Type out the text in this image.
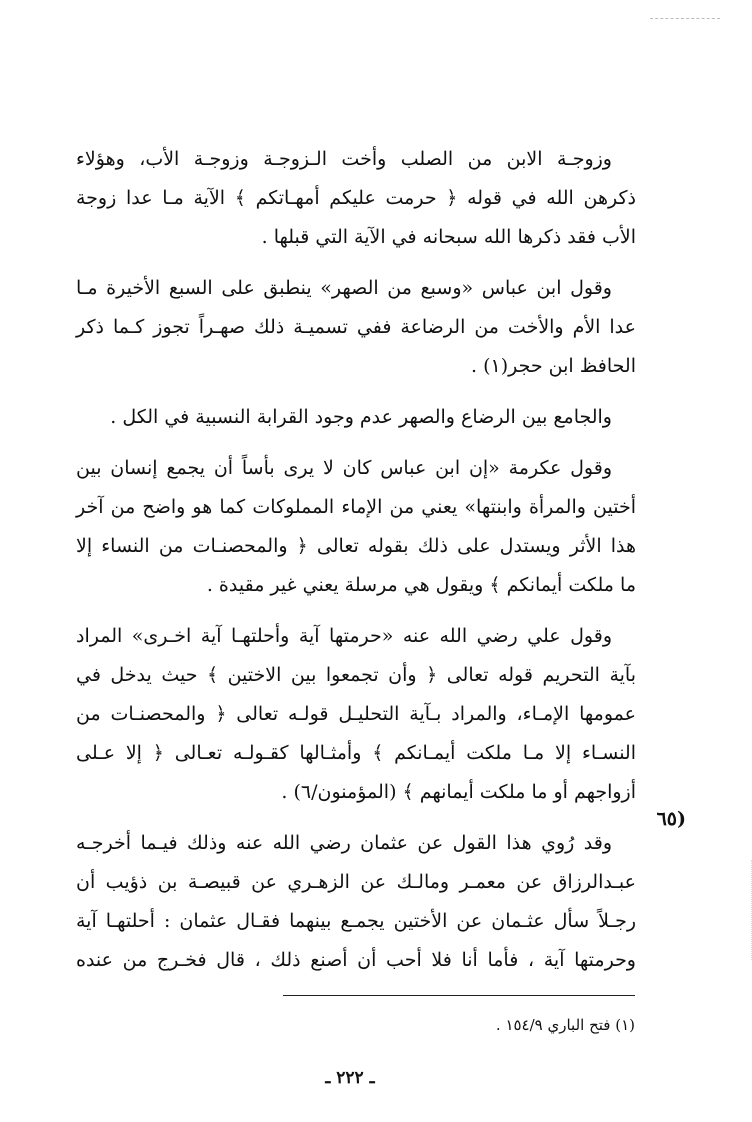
وزوجـة الابن من الصلب وأخت الـزوجـة وزوجـة الأب، وهؤلاء
ذكرهن الله في قوله ﴿ حرمت عليكم أمهـاتكم ﴾ الآية مـا عدا زوجة
الأب فقد ذكرها الله سبحانه في الآية التي قبلها .

وقول ابن عباس «وسبع من الصهر» ينطبق على السبع الأخيرة مـا
عدا الأم والأخت من الرضاعة ففي تسميـة ذلك صهـراً تجوز كـما ذكر
الحافظ ابن حجر(١) .

والجامع بين الرضاع والصهر عدم وجود القرابة النسبية في الكل .

وقول عكرمة «إن ابن عباس كان لا يرى بأساً أن يجمع إنسان بين
أختين والمرأة وابنتها» يعني من الإماء المملوكات كما هو واضح من آخر
هذا الأثر ويستدل على ذلك بقوله تعالى ﴿ والمحصنـات من النساء إلا
ما ملكت أيمانكم ﴾ ويقول هي مرسلة يعني غير مقيدة .

وقول علي رضي الله عنه «حرمتها آية وأحلتهـا آية اخـرى» المراد
بآية التحريم قوله تعالى ﴿ وأن تجمعوا بين الاختين ﴾ حيث يدخل في
عمومها الإمـاء، والمراد بـآية التحليـل قولـه تعالى ﴿ والمحصنـات من
النسـاء إلا مـا ملكت أيمـانكم ﴾ وأمثـالها كقـولـه تعـالى ﴿ إلا عـلى
أزواجهم أو ما ملكت أيمانهم ﴾ (المؤمنون/٦) .

وقد رُوي هذا القول عن عثمان رضي الله عنه وذلك فيـما أخرجـه
عبـدالرزاق عن معمـر ومالـك عن الزهـري عن قبيصـة بن ذؤيب أن
رجـلاً سأل عثـمان عن الأختين يجمـع بينهما فقـال عثمان : أحلتهـا آية
وحرمتها آية ، فأما أنا فلا أحب أن أصنع ذلك ، قال فخـرج من عنده

(٦٥
(١) فتح الباري ١٥٤/٩ .
ـ ٢٢٢ ـ
